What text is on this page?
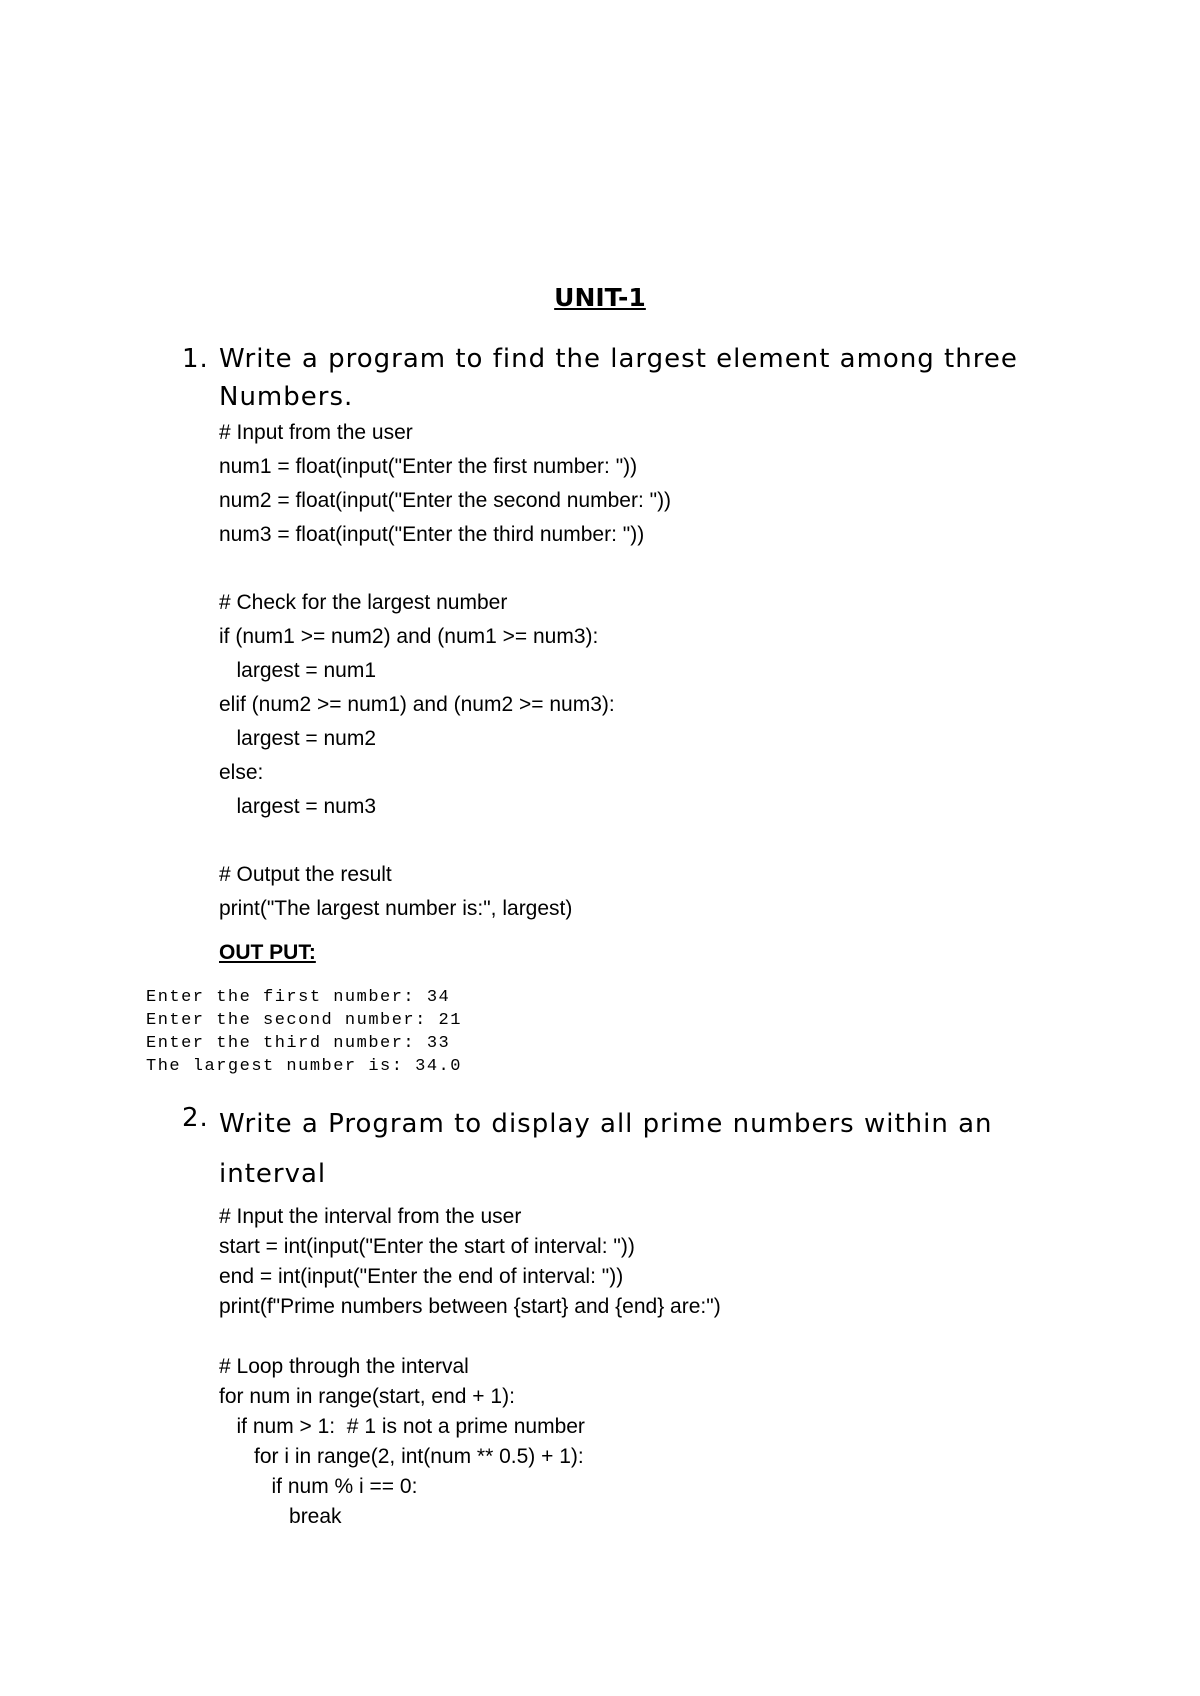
UNIT-1
1. Write a program to find the largest element among three Numbers.

# Input from the user
num1 = float(input("Enter the first number: "))
num2 = float(input("Enter the second number: "))
num3 = float(input("Enter the third number: "))
# Check for the largest number
if (num1 >= num2) and (num1 >= num3):
largest = num1
elif (num2 >= num1) and (num2 >= num3):
largest = num2
else:
largest = num3
# Output the result
print("The largest number is:", largest)
OUT PUT:
Enter the first number: 34
Enter the second number: 21
Enter the third number: 33
The largest number is: 34.0
2. Write a Program to display all prime numbers within an interval

# Input the interval from the user
start = int(input("Enter the start of interval: "))
end = int(input("Enter the end of interval: "))
print(f"Prime numbers between {start} and {end} are:")
# Loop through the interval
for num in range(start, end + 1):
if num > 1:  # 1 is not a prime number
for i in range(2, int(num ** 0.5) + 1):
if num % i == 0:
break
